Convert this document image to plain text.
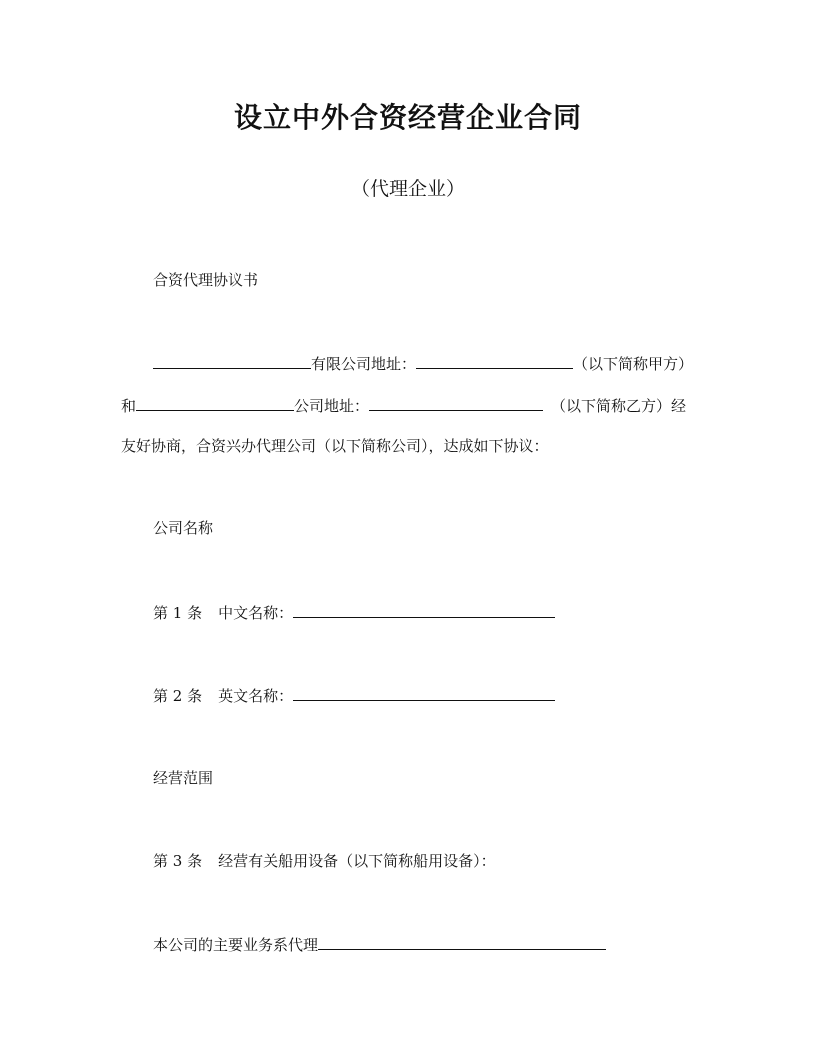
设立中外合资经营企业合同
（代理企业）
合资代理协议书
有限公司地址：	（以下简称甲方）
和	公司地址：	（以下简称乙方）经
友好协商，合资兴办代理公司（以下简称公司），达成如下协议：
公司名称
第 1 条 中文名称：
第 2 条 英文名称：
经营范围
第 3 条 经营有关船用设备（以下简称船用设备）：
本公司的主要业务系代理
